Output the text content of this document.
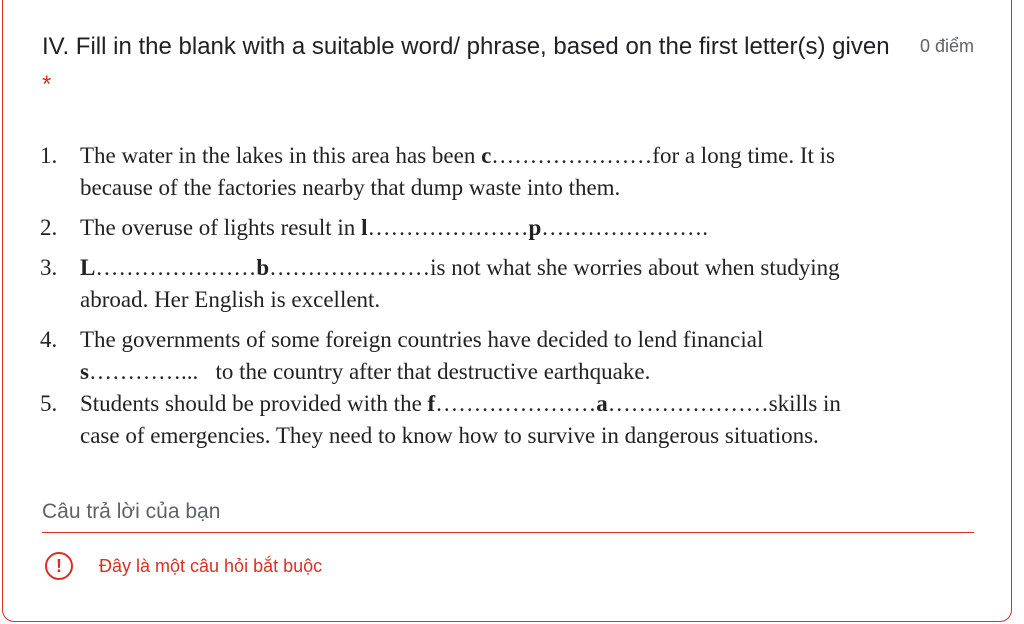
IV. Fill in the blank with a suitable word/ phrase, based on the first letter(s) given *
0 điểm
1. The water in the lakes in this area has been c…………………for a long time. It is

because of the factories nearby that dump waste into them.

2. The overuse of lights result in l…………………p………………….

3. L…………………b…………………is not what she worries about when studying

abroad. Her English is excellent.

4. The governments of some foreign countries have decided to lend financial

s…………... to the country after that destructive earthquake.

5. Students should be provided with the f…………………a…………………skills in

case of emergencies. They need to know how to survive in dangerous situations.

Câu trả lời của bạn
!	Đây là một câu hỏi bắt buộc
